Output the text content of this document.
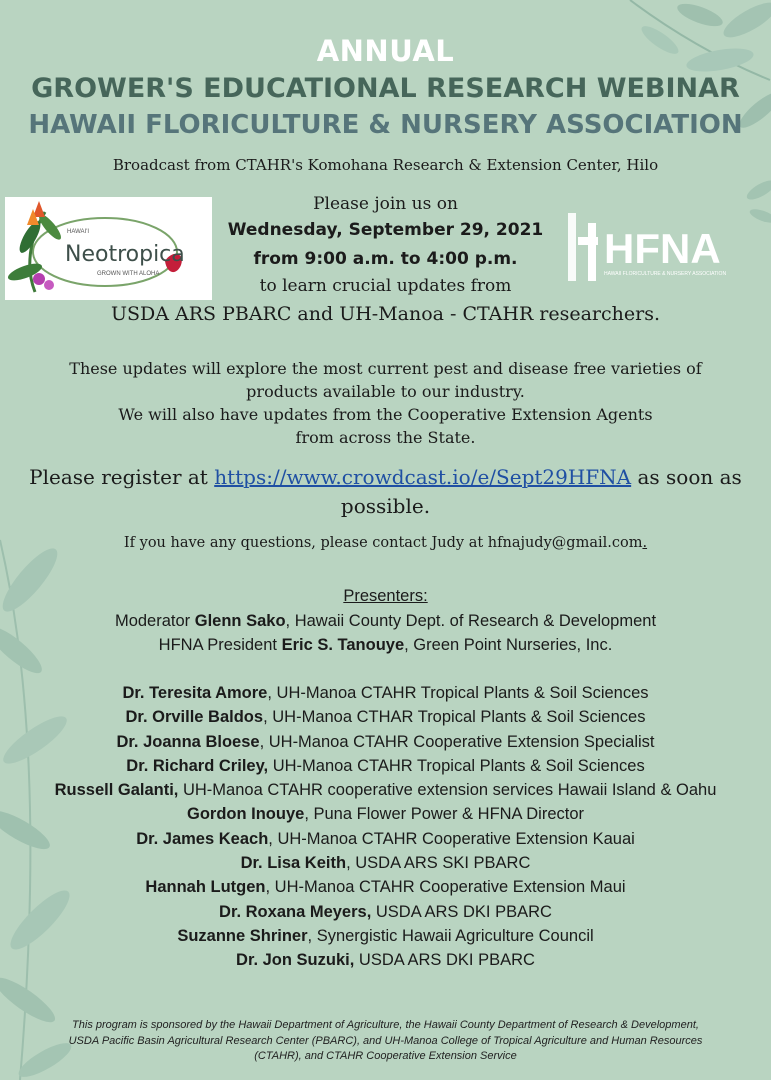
ANNUAL
GROWER'S EDUCATIONAL RESEARCH WEBINAR
HAWAII FLORICULTURE & NURSERY ASSOCIATION
Broadcast from CTAHR's Komohana Research & Extension Center, Hilo
HAWAI'I
Neotropica
GROWN WITH ALOHA
HFNA
HAWAII FLORICULTURE & NURSERY ASSOCIATION
Please join us on
Wednesday, September 29, 2021
from 9:00 a.m. to 4:00 p.m.
to learn crucial updates from
USDA ARS PBARC and UH-Manoa - CTAHR researchers.
These updates will explore the most current pest and disease free varieties of
products available to our industry.
We will also have updates from the Cooperative Extension Agents
from across the State.
Please register at https://www.crowdcast.io/e/Sept29HFNA as soon as
possible.
If you have any questions, please contact Judy at hfnajudy@gmail.com.
Presenters:
Moderator Glenn Sako, Hawaii County Dept. of Research & Development
HFNA President Eric S. Tanouye, Green Point Nurseries, Inc.
Dr. Teresita Amore, UH-Manoa CTAHR Tropical Plants & Soil Sciences
Dr. Orville Baldos, UH-Manoa CTHAR Tropical Plants & Soil Sciences
Dr. Joanna Bloese, UH-Manoa CTAHR Cooperative Extension Specialist
Dr. Richard Criley, UH-Manoa CTAHR Tropical Plants & Soil Sciences
Russell Galanti, UH-Manoa CTAHR cooperative extension services Hawaii Island & Oahu
Gordon Inouye, Puna Flower Power & HFNA Director
Dr. James Keach, UH-Manoa CTAHR Cooperative Extension Kauai
Dr. Lisa Keith, USDA ARS SKI PBARC
Hannah Lutgen, UH-Manoa CTAHR Cooperative Extension Maui
Dr. Roxana Meyers, USDA ARS DKI PBARC
Suzanne Shriner, Synergistic Hawaii Agriculture Council
Dr. Jon Suzuki, USDA ARS DKI PBARC
This program is sponsored by the Hawaii Department of Agriculture, the Hawaii County Department of Research & Development,
USDA Pacific Basin Agricultural Research Center (PBARC), and UH-Manoa College of Tropical Agriculture and Human Resources
(CTAHR), and CTAHR Cooperative Extension Service
